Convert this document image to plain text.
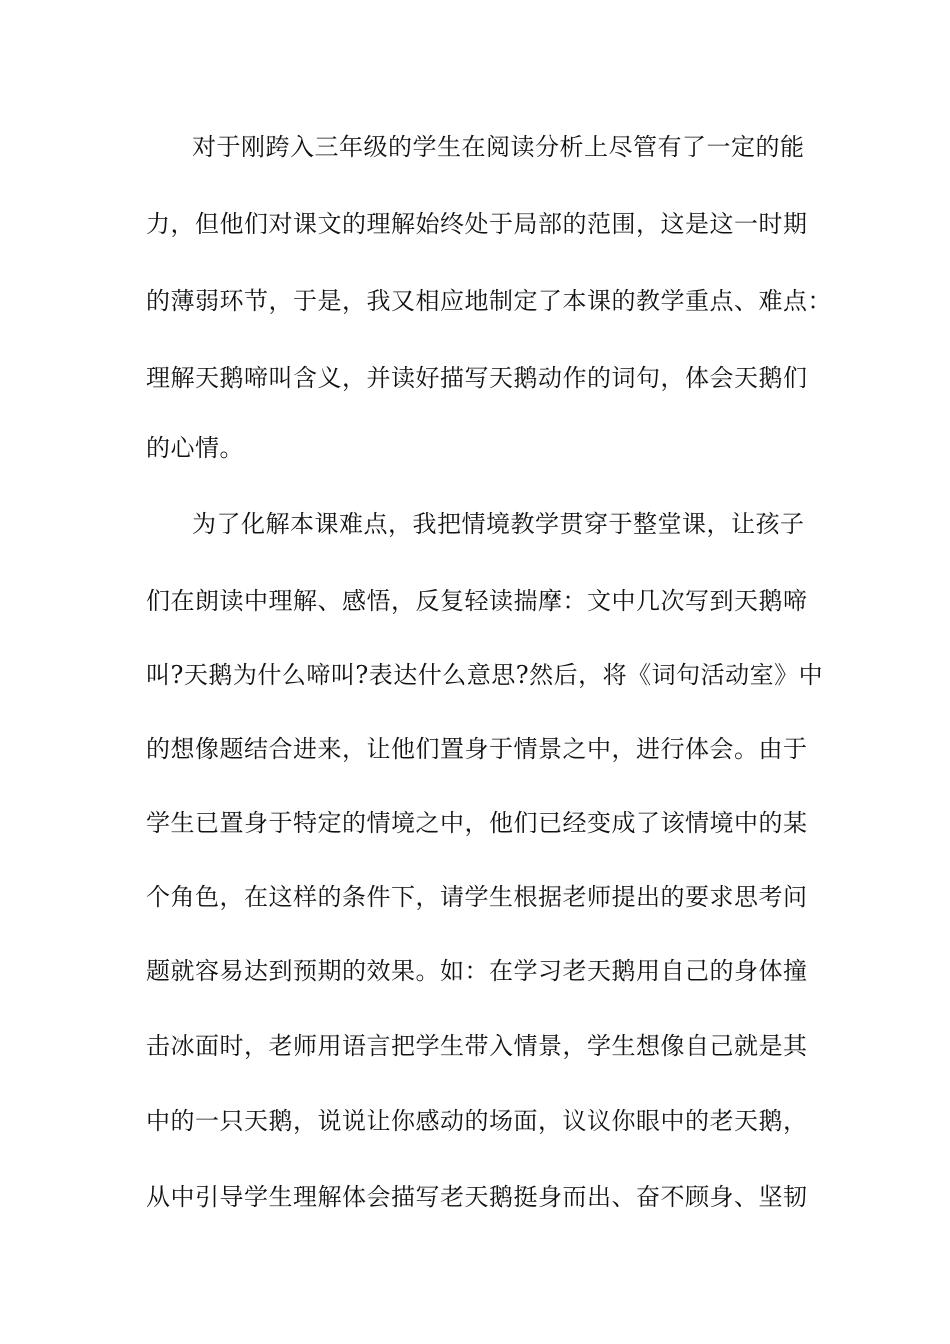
对于刚跨入三年级的学生在阅读分析上尽管有了一定的能
力，但他们对课文的理解始终处于局部的范围，这是这一时期
的薄弱环节，于是，我又相应地制定了本课的教学重点、难点：
理解天鹅啼叫含义，并读好描写天鹅动作的词句，体会天鹅们
的心情。
为了化解本课难点，我把情境教学贯穿于整堂课，让孩子
们在朗读中理解、感悟，反复轻读揣摩：文中几次写到天鹅啼
叫?天鹅为什么啼叫?表达什么意思?然后，将《词句活动室》中
的想像题结合进来，让他们置身于情景之中，进行体会。由于
学生已置身于特定的情境之中，他们已经变成了该情境中的某
个角色，在这样的条件下，请学生根据老师提出的要求思考问
题就容易达到预期的效果。如：在学习老天鹅用自己的身体撞
击冰面时，老师用语言把学生带入情景，学生想像自己就是其
中的一只天鹅，说说让你感动的场面，议议你眼中的老天鹅，
从中引导学生理解体会描写老天鹅挺身而出、奋不顾身、坚韧
